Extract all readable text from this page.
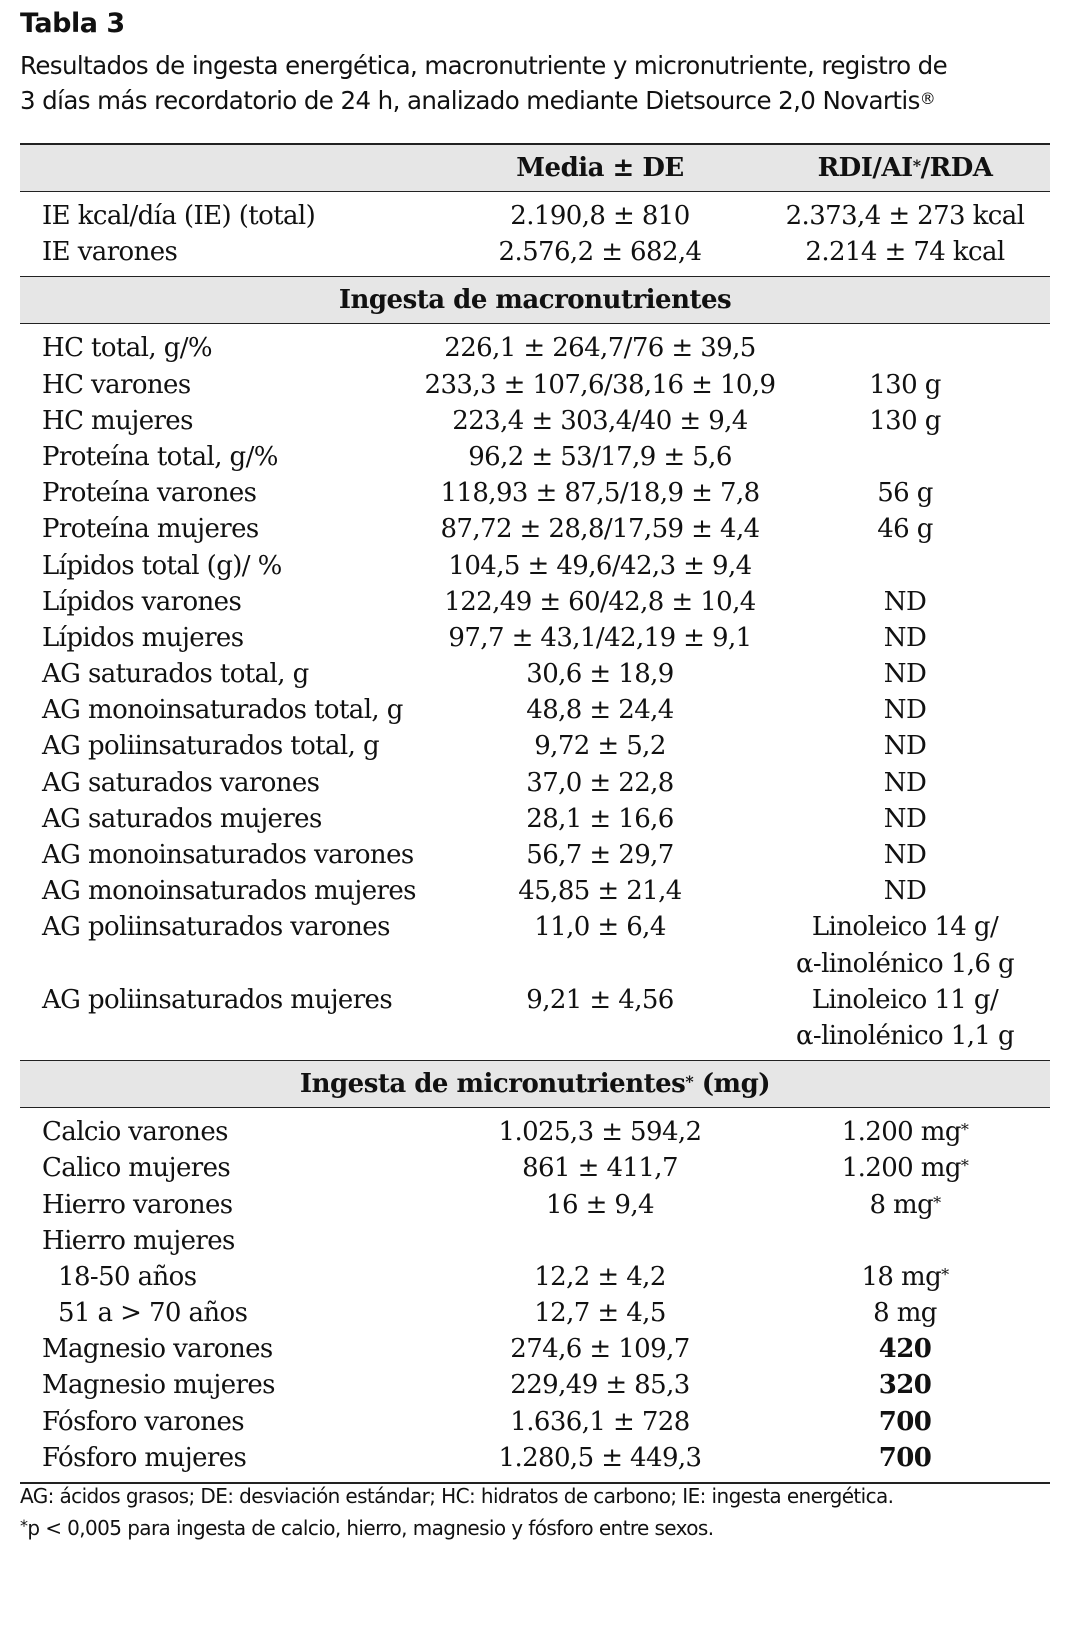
Tabla 3
Resultados de ingesta energética, macronutriente y micronutriente, registro de
3 días más recordatorio de 24 h, analizado mediante Dietsource 2,0 Novartis®
Media ± DE	RDI/AI*/RDA
IE kcal/día (IE) (total)	2.190,8 ± 810	2.373,4 ± 273 kcal
IE varones	2.576,2 ± 682,4	2.214 ± 74 kcal
Ingesta de macronutrientes
HC total, g/%	226,1 ± 264,7/76 ± 39,5
HC varones	233,3 ± 107,6/38,16 ± 10,9	130 g
HC mujeres	223,4 ± 303,4/40 ± 9,4	130 g
Proteína total, g/%	96,2 ± 53/17,9 ± 5,6
Proteína varones	118,93 ± 87,5/18,9 ± 7,8	56 g
Proteína mujeres	87,72 ± 28,8/17,59 ± 4,4	46 g
Lípidos total (g)/ %	104,5 ± 49,6/42,3 ± 9,4
Lípidos varones	122,49 ± 60/42,8 ± 10,4	ND
Lípidos mujeres	97,7 ± 43,1/42,19 ± 9,1	ND
AG saturados total, g	30,6 ± 18,9	ND
AG monoinsaturados total, g	48,8 ± 24,4	ND
AG poliinsaturados total, g	9,72 ± 5,2	ND
AG saturados varones	37,0 ± 22,8	ND
AG saturados mujeres	28,1 ± 16,6	ND
AG monoinsaturados varones	56,7 ± 29,7	ND
AG monoinsaturados mujeres	45,85 ± 21,4	ND
AG poliinsaturados varones	11,0 ± 6,4	Linoleico 14 g/
α-linolénico 1,6 g
AG poliinsaturados mujeres	9,21 ± 4,56	Linoleico 11 g/
α-linolénico 1,1 g
Ingesta de micronutrientes* (mg)
Calcio varones	1.025,3 ± 594,2	1.200 mg*
Calico mujeres	861 ± 411,7	1.200 mg*
Hierro varones	16 ± 9,4	8 mg*
Hierro mujeres
18-50 años	12,2 ± 4,2	18 mg*
51 a > 70 años	12,7 ± 4,5	8 mg
Magnesio varones	274,6 ± 109,7	420
Magnesio mujeres	229,49 ± 85,3	320
Fósforo varones	1.636,1 ± 728	700
Fósforo mujeres	1.280,5 ± 449,3	700
AG: ácidos grasos; DE: desviación estándar; HC: hidratos de carbono; IE: ingesta energética.
*p < 0,005 para ingesta de calcio, hierro, magnesio y fósforo entre sexos.
